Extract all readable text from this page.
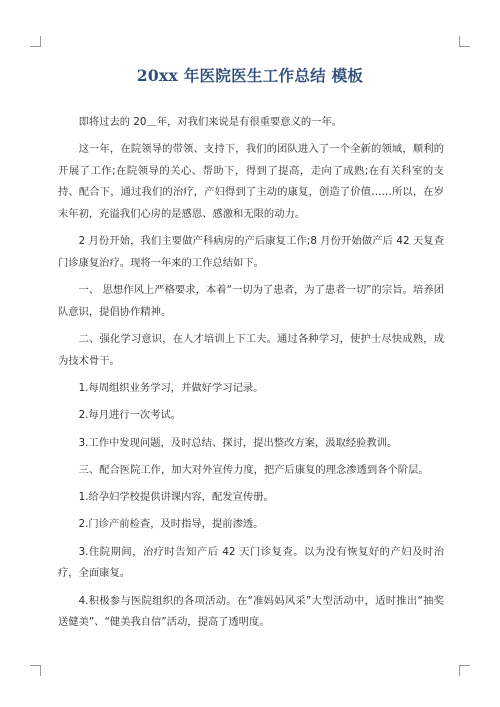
20xx 年医院医生工作总结 模板

即将过去的 20＿年，对我们来说是有很重要意义的一年。

这一年，在院领导的带领、支持下，我们的团队进入了一个全新的领域，顺利的开展了工作;在院领导的关心、帮助下，得到了提高，走向了成熟;在有关科室的支持、配合下，通过我们的治疗，产妇得到了主动的康复，创造了价值……所以，在岁末年初，充溢我们心房的是感恩、感激和无限的动力。

2 月份开始，我们主要做产科病房的产后康复工作;8 月份开始做产后 42 天复查门诊康复治疗。现将一年来的工作总结如下。

一、 思想作风上严格要求，本着“一切为了患者，为了患者一切”的宗旨。培养团队意识，提倡协作精神。

二、强化学习意识，在人才培训上下工夫。通过各种学习，使护士尽快成熟，成为技术骨干。

1.每周组织业务学习，并做好学习记录。

2.每月进行一次考试。

3.工作中发现问题，及时总结、探讨，提出整改方案，汲取经验教训。

三、配合医院工作，加大对外宣传力度，把产后康复的理念渗透到各个阶层。

1.给孕妇学校提供讲课内容，配发宣传册。

2.门诊产前检查，及时指导，提前渗透。

3.住院期间，治疗时告知产后 42 天门诊复查。以为没有恢复好的产妇及时治疗，全面康复。

4.积极参与医院组织的各项活动。在“准妈妈风采”大型活动中，适时推出“抽奖送健美”、“健美我自信”活动，提高了透明度。
